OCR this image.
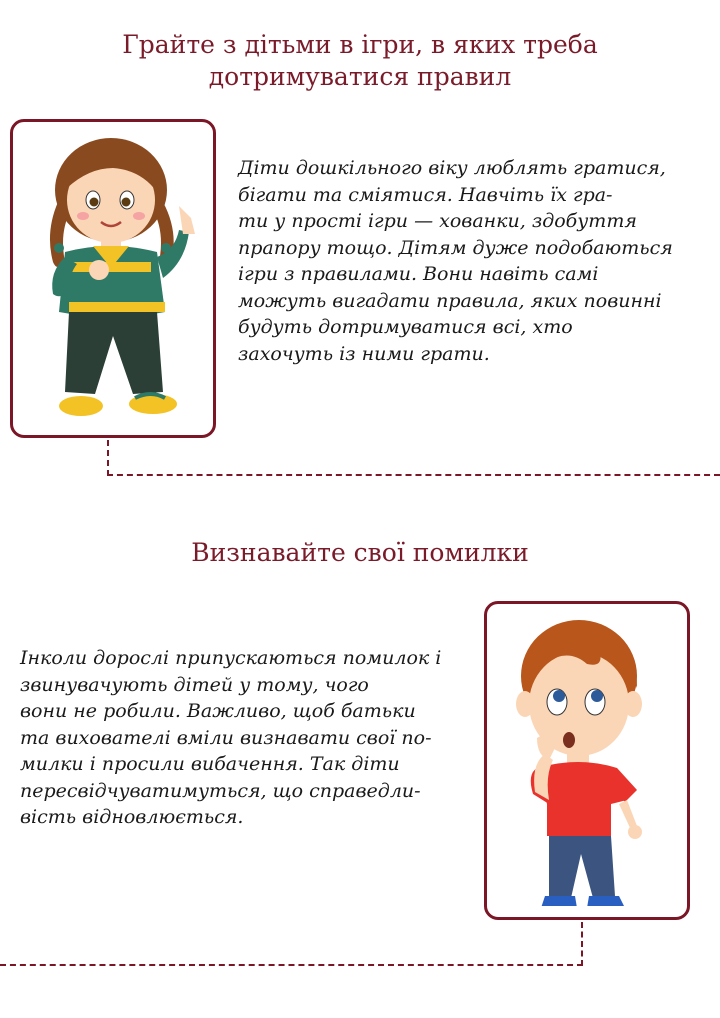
Грайте з дітьми в ігри, в яких треба
дотримуватися правил
Діти дошкільного віку люблять гратися,
бігати та сміятися. Навчіть їх гра-
ти у прості ігри — хованки, здобуття
прапору тощо. Дітям дуже подобаються
ігри з правилами. Вони навіть самі
можуть вигадати правила, яких повинні
будуть дотримуватися всі, хто
захочуть із ними грати.
Визнавайте свої помилки
Інколи дорослі припускаються помилок і
звинувачують дітей у тому, чого
вони не робили. Важливо, щоб батьки
та вихователі вміли визнавати свої по-
милки і просили вибачення. Так діти
пересвідчуватимуться, що справедли-
вість відновлюється.
